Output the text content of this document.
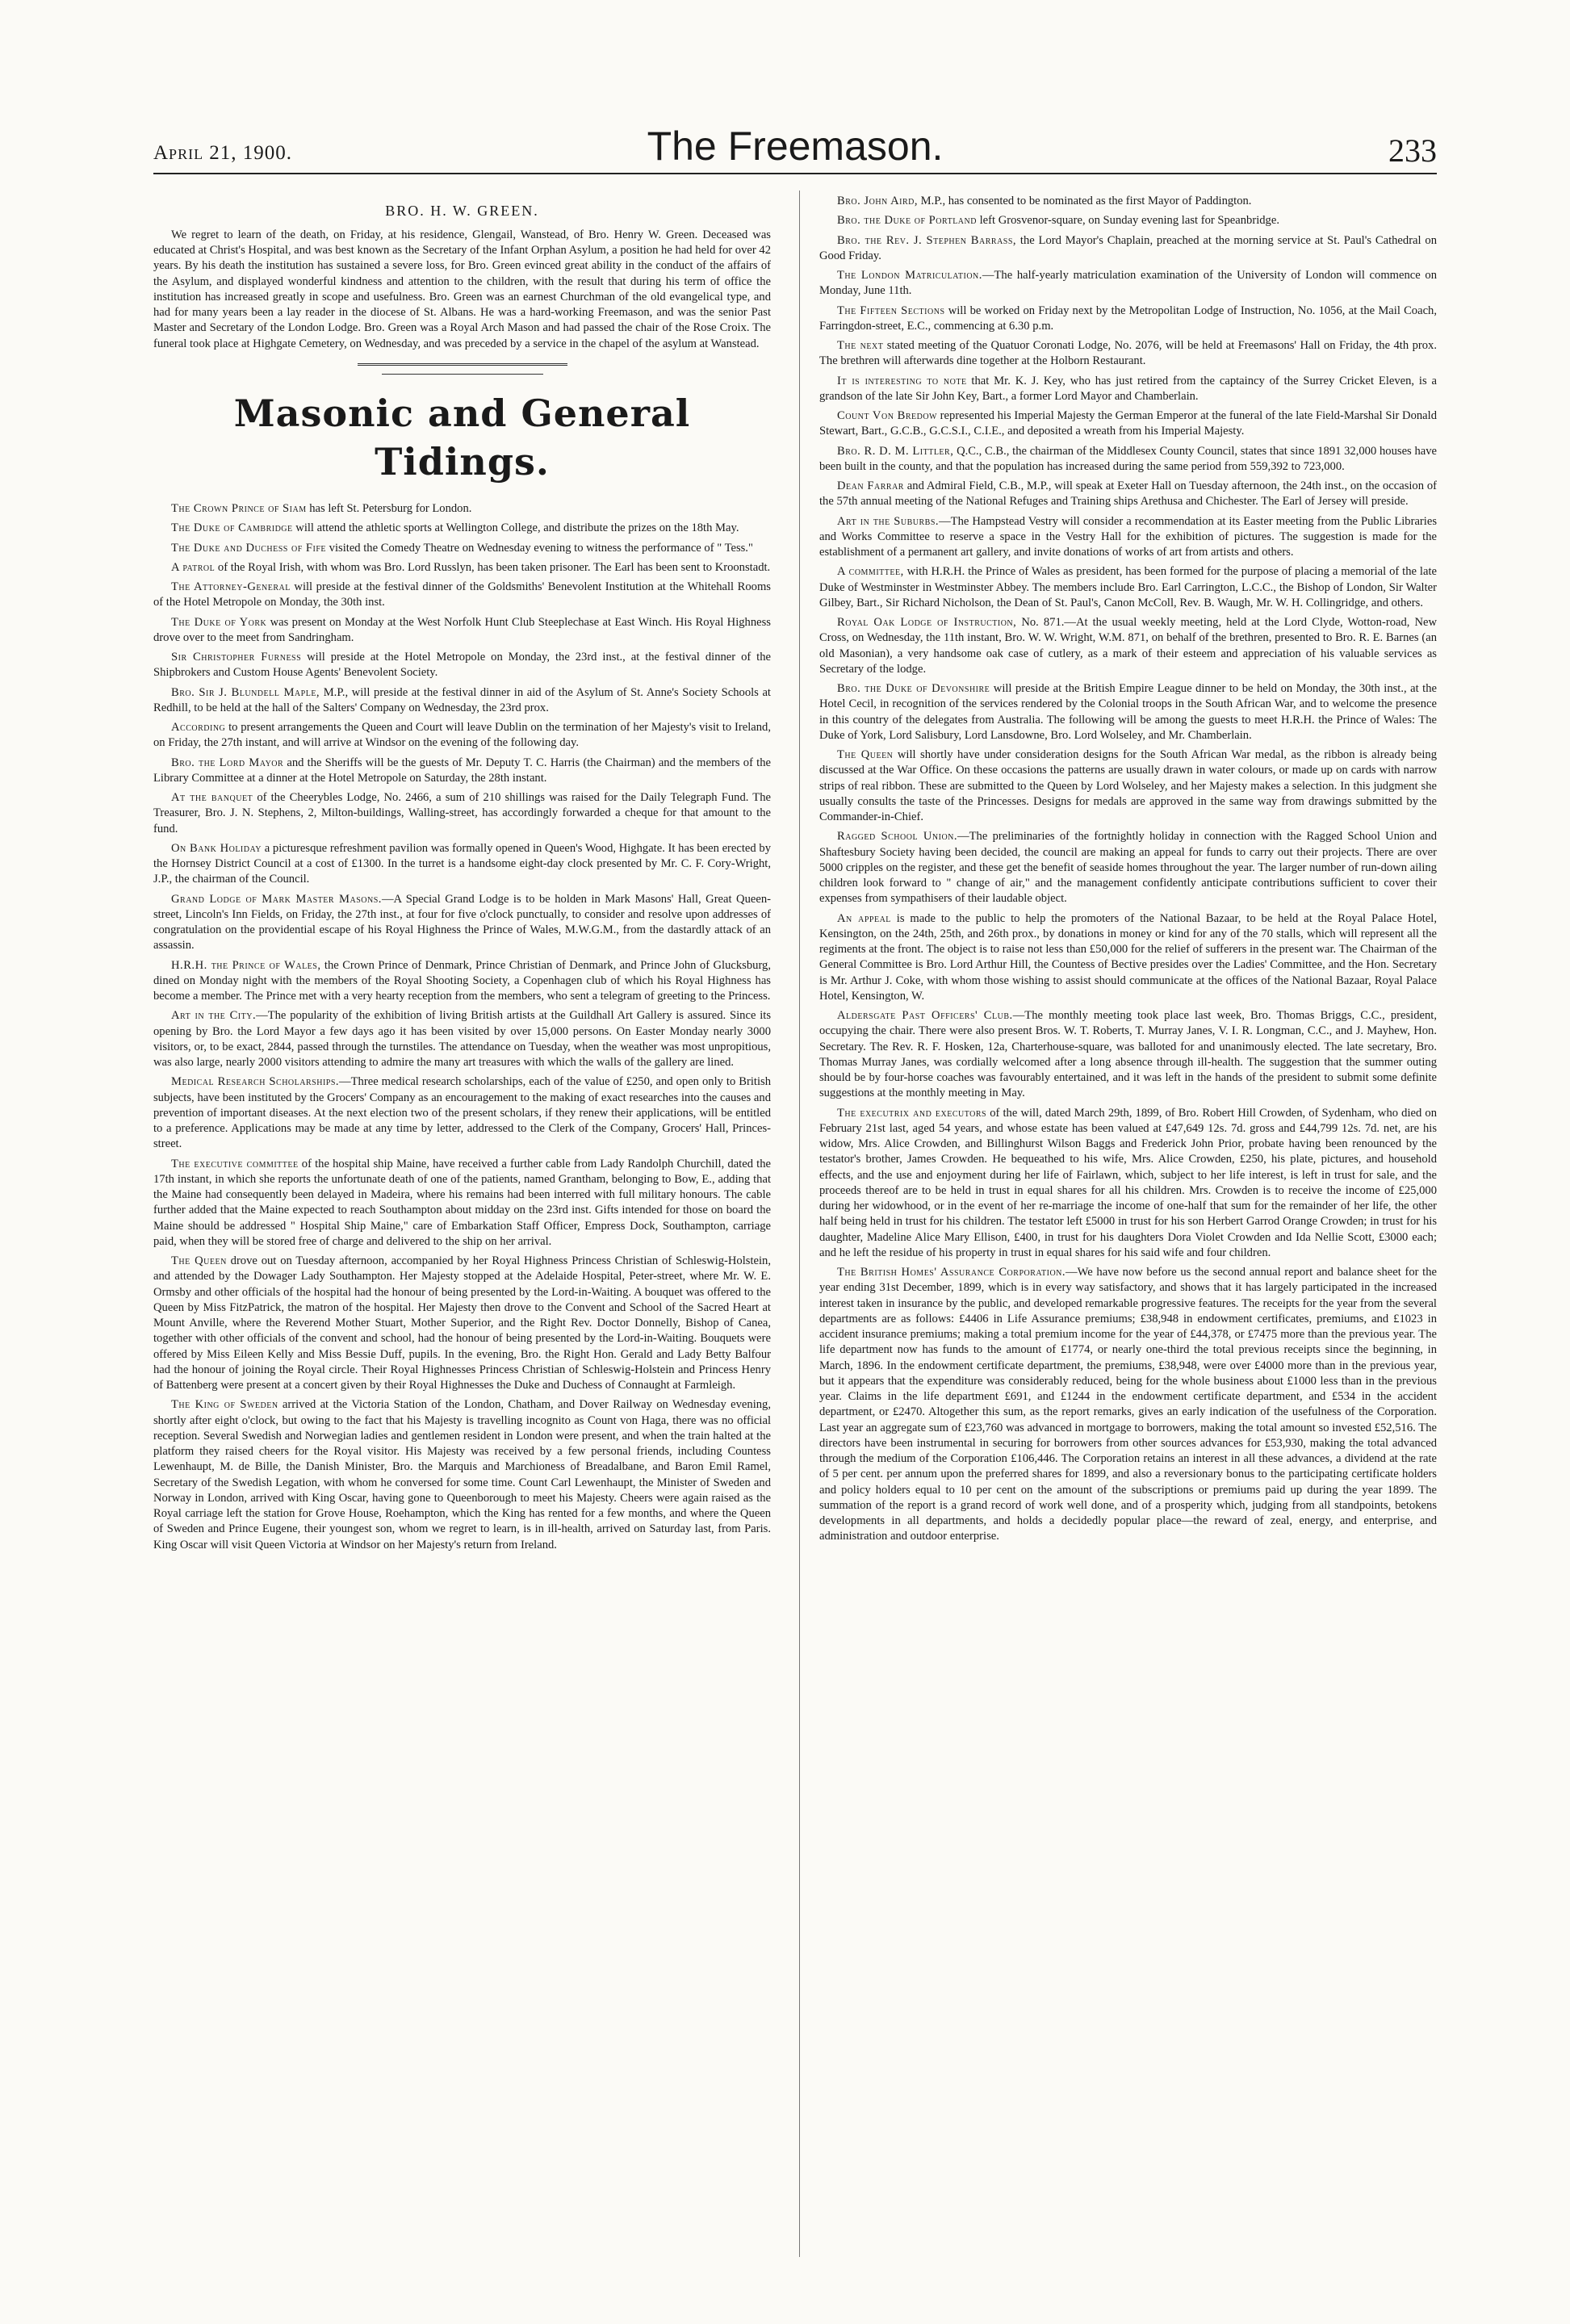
April 21, 1900.	The Freemason.	233
BRO. H. W. GREEN.

We regret to learn of the death, on Friday, at his residence, Glengail, Wanstead, of Bro. Henry W. Green. Deceased was educated at Christ's Hospital, and was best known as the Secretary of the Infant Orphan Asylum, a position he had held for over 42 years. By his death the institution has sustained a severe loss, for Bro. Green evinced great ability in the conduct of the affairs of the Asylum, and displayed wonderful kindness and attention to the children, with the result that during his term of office the institution has increased greatly in scope and usefulness. Bro. Green was an earnest Churchman of the old evangelical type, and had for many years been a lay reader in the diocese of St. Albans. He was a hard-working Freemason, and was the senior Past Master and Secretary of the London Lodge. Bro. Green was a Royal Arch Mason and had passed the chair of the Rose Croix. The funeral took place at Highgate Cemetery, on Wednesday, and was preceded by a service in the chapel of the asylum at Wanstead.

Masonic and General Tidings.

The Crown Prince of Siam has left St. Petersburg for London.

The Duke of Cambridge will attend the athletic sports at Wellington College, and distribute the prizes on the 18th May.

The Duke and Duchess of Fife visited the Comedy Theatre on Wednesday evening to witness the performance of " Tess."

A patrol of the Royal Irish, with whom was Bro. Lord Russlyn, has been taken prisoner. The Earl has been sent to Kroonstadt.

The Attorney-General will preside at the festival dinner of the Goldsmiths' Benevolent Institution at the Whitehall Rooms of the Hotel Metropole on Monday, the 30th inst.

The Duke of York was present on Monday at the West Norfolk Hunt Club Steeplechase at East Winch. His Royal Highness drove over to the meet from Sandringham.

Sir Christopher Furness will preside at the Hotel Metropole on Monday, the 23rd inst., at the festival dinner of the Shipbrokers and Custom House Agents' Benevolent Society.

Bro. Sir J. Blundell Maple, M.P., will preside at the festival dinner in aid of the Asylum of St. Anne's Society Schools at Redhill, to be held at the hall of the Salters' Company on Wednesday, the 23rd prox.

According to present arrangements the Queen and Court will leave Dublin on the termination of her Majesty's visit to Ireland, on Friday, the 27th instant, and will arrive at Windsor on the evening of the following day.

Bro. the Lord Mayor and the Sheriffs will be the guests of Mr. Deputy T. C. Harris (the Chairman) and the members of the Library Committee at a dinner at the Hotel Metropole on Saturday, the 28th instant.

At the banquet of the Cheerybles Lodge, No. 2466, a sum of 210 shillings was raised for the Daily Telegraph Fund. The Treasurer, Bro. J. N. Stephens, 2, Milton-buildings, Walling-street, has accordingly forwarded a cheque for that amount to the fund.

On Bank Holiday a picturesque refreshment pavilion was formally opened in Queen's Wood, Highgate. It has been erected by the Hornsey District Council at a cost of £1300. In the turret is a handsome eight-day clock presented by Mr. C. F. Cory-Wright, J.P., the chairman of the Council.

Grand Lodge of Mark Master Masons.—A Special Grand Lodge is to be holden in Mark Masons' Hall, Great Queen-street, Lincoln's Inn Fields, on Friday, the 27th inst., at four for five o'clock punctually, to consider and resolve upon addresses of congratulation on the providential escape of his Royal Highness the Prince of Wales, M.W.G.M., from the dastardly attack of an assassin.

H.R.H. the Prince of Wales, the Crown Prince of Denmark, Prince Christian of Denmark, and Prince John of Glucksburg, dined on Monday night with the members of the Royal Shooting Society, a Copenhagen club of which his Royal Highness has become a member. The Prince met with a very hearty reception from the members, who sent a telegram of greeting to the Princess.

Art in the City.—The popularity of the exhibition of living British artists at the Guildhall Art Gallery is assured. Since its opening by Bro. the Lord Mayor a few days ago it has been visited by over 15,000 persons. On Easter Monday nearly 3000 visitors, or, to be exact, 2844, passed through the turnstiles. The attendance on Tuesday, when the weather was most unpropitious, was also large, nearly 2000 visitors attending to admire the many art treasures with which the walls of the gallery are lined.

Medical Research Scholarships.—Three medical research scholarships, each of the value of £250, and open only to British subjects, have been instituted by the Grocers' Company as an encouragement to the making of exact researches into the causes and prevention of important diseases. At the next election two of the present scholars, if they renew their applications, will be entitled to a preference. Applications may be made at any time by letter, addressed to the Clerk of the Company, Grocers' Hall, Princes-street.

The executive committee of the hospital ship Maine, have received a further cable from Lady Randolph Churchill, dated the 17th instant, in which she reports the unfortunate death of one of the patients, named Grantham, belonging to Bow, E., adding that the Maine had consequently been delayed in Madeira, where his remains had been interred with full military honours. The cable further added that the Maine expected to reach Southampton about midday on the 23rd inst. Gifts intended for those on board the Maine should be addressed " Hospital Ship Maine," care of Embarkation Staff Officer, Empress Dock, Southampton, carriage paid, when they will be stored free of charge and delivered to the ship on her arrival.

The Queen drove out on Tuesday afternoon, accompanied by her Royal Highness Princess Christian of Schleswig-Holstein, and attended by the Dowager Lady Southampton. Her Majesty stopped at the Adelaide Hospital, Peter-street, where Mr. W. E. Ormsby and other officials of the hospital had the honour of being presented by the Lord-in-Waiting. A bouquet was offered to the Queen by Miss FitzPatrick, the matron of the hospital. Her Majesty then drove to the Convent and School of the Sacred Heart at Mount Anville, where the Reverend Mother Stuart, Mother Superior, and the Right Rev. Doctor Donnelly, Bishop of Canea, together with other officials of the convent and school, had the honour of being presented by the Lord-in-Waiting. Bouquets were offered by Miss Eileen Kelly and Miss Bessie Duff, pupils. In the evening, Bro. the Right Hon. Gerald and Lady Betty Balfour had the honour of joining the Royal circle. Their Royal Highnesses Princess Christian of Schleswig-Holstein and Princess Henry of Battenberg were present at a concert given by their Royal Highnesses the Duke and Duchess of Connaught at Farmleigh.

The King of Sweden arrived at the Victoria Station of the London, Chatham, and Dover Railway on Wednesday evening, shortly after eight o'clock, but owing to the fact that his Majesty is travelling incognito as Count von Haga, there was no official reception. Several Swedish and Norwegian ladies and gentlemen resident in London were present, and when the train halted at the platform they raised cheers for the Royal visitor. His Majesty was received by a few personal friends, including Countess Lewenhaupt, M. de Bille, the Danish Minister, Bro. the Marquis and Marchioness of Breadalbane, and Baron Emil Ramel, Secretary of the Swedish Legation, with whom he conversed for some time. Count Carl Lewenhaupt, the Minister of Sweden and Norway in London, arrived with King Oscar, having gone to Queenborough to meet his Majesty. Cheers were again raised as the Royal carriage left the station for Grove House, Roehampton, which the King has rented for a few months, and where the Queen of Sweden and Prince Eugene, their youngest son, whom we regret to learn, is in ill-health, arrived on Saturday last, from Paris. King Oscar will visit Queen Victoria at Windsor on her Majesty's return from Ireland.

Bro. John Aird, M.P., has consented to be nominated as the first Mayor of Paddington.

Bro. the Duke of Portland left Grosvenor-square, on Sunday evening last for Speanbridge.

Bro. the Rev. J. Stephen Barrass, the Lord Mayor's Chaplain, preached at the morning service at St. Paul's Cathedral on Good Friday.

The London Matriculation.—The half-yearly matriculation examination of the University of London will commence on Monday, June 11th.

The Fifteen Sections will be worked on Friday next by the Metropolitan Lodge of Instruction, No. 1056, at the Mail Coach, Farringdon-street, E.C., commencing at 6.30 p.m.

The next stated meeting of the Quatuor Coronati Lodge, No. 2076, will be held at Freemasons' Hall on Friday, the 4th prox. The brethren will afterwards dine together at the Holborn Restaurant.

It is interesting to note that Mr. K. J. Key, who has just retired from the captaincy of the Surrey Cricket Eleven, is a grandson of the late Sir John Key, Bart., a former Lord Mayor and Chamberlain.

Count Von Bredow represented his Imperial Majesty the German Emperor at the funeral of the late Field-Marshal Sir Donald Stewart, Bart., G.C.B., G.C.S.I., C.I.E., and deposited a wreath from his Imperial Majesty.

Bro. R. D. M. Littler, Q.C., C.B., the chairman of the Middlesex County Council, states that since 1891 32,000 houses have been built in the county, and that the population has increased during the same period from 559,392 to 723,000.

Dean Farrar and Admiral Field, C.B., M.P., will speak at Exeter Hall on Tuesday afternoon, the 24th inst., on the occasion of the 57th annual meeting of the National Refuges and Training ships Arethusa and Chichester. The Earl of Jersey will preside.

Art in the Suburbs.—The Hampstead Vestry will consider a recommendation at its Easter meeting from the Public Libraries and Works Committee to reserve a space in the Vestry Hall for the exhibition of pictures. The suggestion is made for the establishment of a permanent art gallery, and invite donations of works of art from artists and others.

A committee, with H.R.H. the Prince of Wales as president, has been formed for the purpose of placing a memorial of the late Duke of Westminster in Westminster Abbey. The members include Bro. Earl Carrington, L.C.C., the Bishop of London, Sir Walter Gilbey, Bart., Sir Richard Nicholson, the Dean of St. Paul's, Canon McColl, Rev. B. Waugh, Mr. W. H. Collingridge, and others.

Royal Oak Lodge of Instruction, No. 871.—At the usual weekly meeting, held at the Lord Clyde, Wotton-road, New Cross, on Wednesday, the 11th instant, Bro. W. W. Wright, W.M. 871, on behalf of the brethren, presented to Bro. R. E. Barnes (an old Masonian), a very handsome oak case of cutlery, as a mark of their esteem and appreciation of his valuable services as Secretary of the lodge.

Bro. the Duke of Devonshire will preside at the British Empire League dinner to be held on Monday, the 30th inst., at the Hotel Cecil, in recognition of the services rendered by the Colonial troops in the South African War, and to welcome the presence in this country of the delegates from Australia. The following will be among the guests to meet H.R.H. the Prince of Wales: The Duke of York, Lord Salisbury, Lord Lansdowne, Bro. Lord Wolseley, and Mr. Chamberlain.

The Queen will shortly have under consideration designs for the South African War medal, as the ribbon is already being discussed at the War Office. On these occasions the patterns are usually drawn in water colours, or made up on cards with narrow strips of real ribbon. These are submitted to the Queen by Lord Wolseley, and her Majesty makes a selection. In this judgment she usually consults the taste of the Princesses. Designs for medals are approved in the same way from drawings submitted by the Commander-in-Chief.

Ragged School Union.—The preliminaries of the fortnightly holiday in connection with the Ragged School Union and Shaftesbury Society having been decided, the council are making an appeal for funds to carry out their projects. There are over 5000 cripples on the register, and these get the benefit of seaside homes throughout the year. The larger number of run-down ailing children look forward to " change of air," and the management confidently anticipate contributions sufficient to cover their expenses from sympathisers of their laudable object.

An appeal is made to the public to help the promoters of the National Bazaar, to be held at the Royal Palace Hotel, Kensington, on the 24th, 25th, and 26th prox., by donations in money or kind for any of the 70 stalls, which will represent all the regiments at the front. The object is to raise not less than £50,000 for the relief of sufferers in the present war. The Chairman of the General Committee is Bro. Lord Arthur Hill, the Countess of Bective presides over the Ladies' Committee, and the Hon. Secretary is Mr. Arthur J. Coke, with whom those wishing to assist should communicate at the offices of the National Bazaar, Royal Palace Hotel, Kensington, W.

Aldersgate Past Officers' Club.—The monthly meeting took place last week, Bro. Thomas Briggs, C.C., president, occupying the chair. There were also present Bros. W. T. Roberts, T. Murray Janes, V. I. R. Longman, C.C., and J. Mayhew, Hon. Secretary. The Rev. R. F. Hosken, 12a, Charterhouse-square, was balloted for and unanimously elected. The late secretary, Bro. Thomas Murray Janes, was cordially welcomed after a long absence through ill-health. The suggestion that the summer outing should be by four-horse coaches was favourably entertained, and it was left in the hands of the president to submit some definite suggestions at the monthly meeting in May.

The executrix and executors of the will, dated March 29th, 1899, of Bro. Robert Hill Crowden, of Sydenham, who died on February 21st last, aged 54 years, and whose estate has been valued at £47,649 12s. 7d. gross and £44,799 12s. 7d. net, are his widow, Mrs. Alice Crowden, and Billinghurst Wilson Baggs and Frederick John Prior, probate having been renounced by the testator's brother, James Crowden. He bequeathed to his wife, Mrs. Alice Crowden, £250, his plate, pictures, and household effects, and the use and enjoyment during her life of Fairlawn, which, subject to her life interest, is left in trust for sale, and the proceeds thereof are to be held in trust in equal shares for all his children. Mrs. Crowden is to receive the income of £25,000 during her widowhood, or in the event of her re-marriage the income of one-half that sum for the remainder of her life, the other half being held in trust for his children. The testator left £5000 in trust for his son Herbert Garrod Orange Crowden; in trust for his daughter, Madeline Alice Mary Ellison, £400, in trust for his daughters Dora Violet Crowden and Ida Nellie Scott, £3000 each; and he left the residue of his property in trust in equal shares for his said wife and four children.

The British Homes' Assurance Corporation.—We have now before us the second annual report and balance sheet for the year ending 31st December, 1899, which is in every way satisfactory, and shows that it has largely participated in the increased interest taken in insurance by the public, and developed remarkable progressive features. The receipts for the year from the several departments are as follows: £4406 in Life Assurance premiums; £38,948 in endowment certificates, premiums, and £1023 in accident insurance premiums; making a total premium income for the year of £44,378, or £7475 more than the previous year. The life department now has funds to the amount of £1774, or nearly one-third the total previous receipts since the beginning, in March, 1896. In the endowment certificate department, the premiums, £38,948, were over £4000 more than in the previous year, but it appears that the expenditure was considerably reduced, being for the whole business about £1000 less than in the previous year. Claims in the life department £691, and £1244 in the endowment certificate department, and £534 in the accident department, or £2470. Altogether this sum, as the report remarks, gives an early indication of the usefulness of the Corporation. Last year an aggregate sum of £23,760 was advanced in mortgage to borrowers, making the total amount so invested £52,516. The directors have been instrumental in securing for borrowers from other sources advances for £53,930, making the total advanced through the medium of the Corporation £106,446. The Corporation retains an interest in all these advances, a dividend at the rate of 5 per cent. per annum upon the preferred shares for 1899, and also a reversionary bonus to the participating certificate holders and policy holders equal to 10 per cent on the amount of the subscriptions or premiums paid up during the year 1899. The summation of the report is a grand record of work well done, and of a prosperity which, judging from all standpoints, betokens developments in all departments, and holds a decidedly popular place—the reward of zeal, energy, and enterprise, and administration and outdoor enterprise.
